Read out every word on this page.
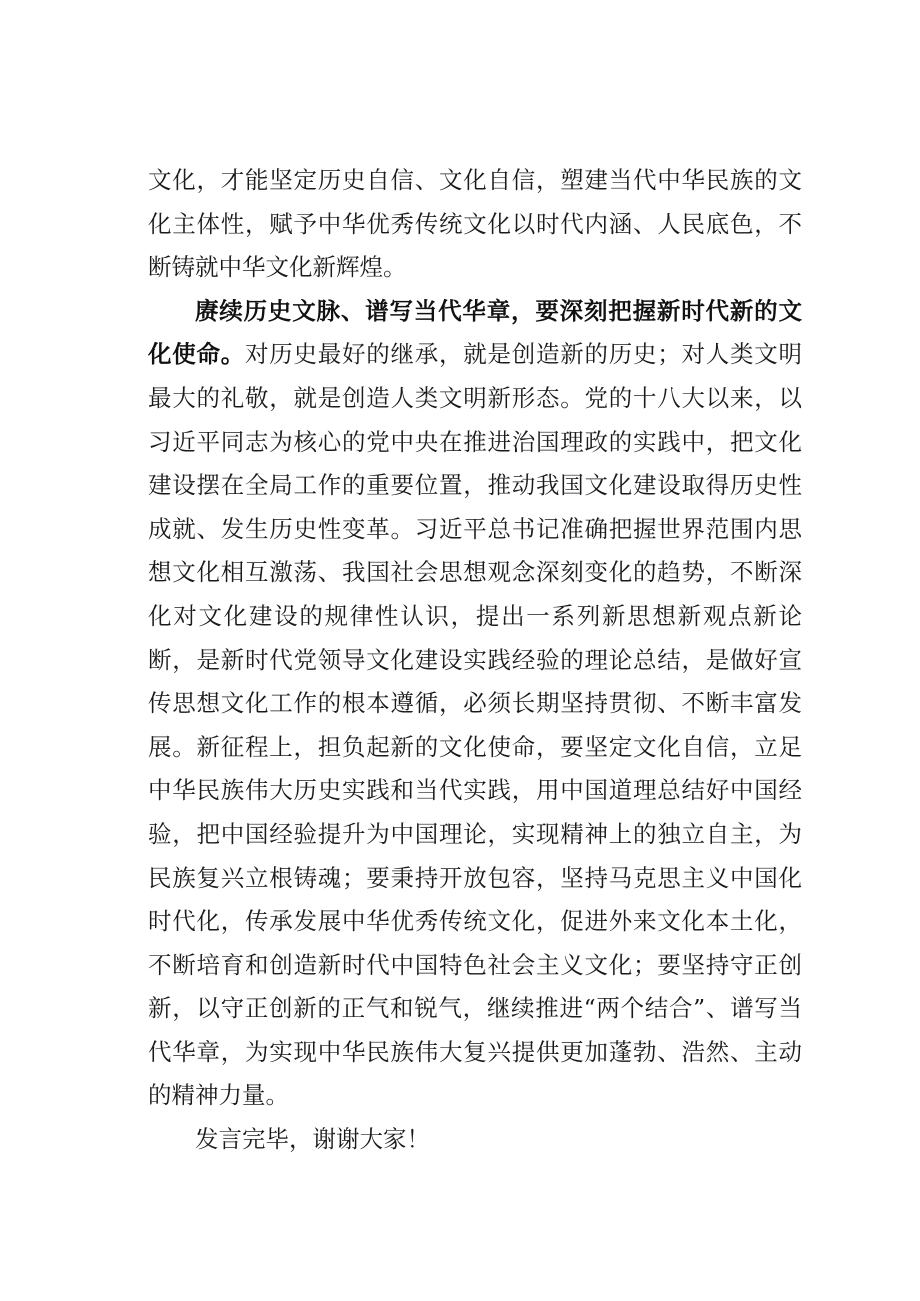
文化，才能坚定历史自信、文化自信，塑建当代中华民族的文化主体性，赋予中华优秀传统文化以时代内涵、人民底色，不断铸就中华文化新辉煌。

赓续历史文脉、谱写当代华章，要深刻把握新时代新的文化使命。对历史最好的继承，就是创造新的历史；对人类文明最大的礼敬，就是创造人类文明新形态。党的十八大以来，以习近平同志为核心的党中央在推进治国理政的实践中，把文化建设摆在全局工作的重要位置，推动我国文化建设取得历史性成就、发生历史性变革。习近平总书记准确把握世界范围内思想文化相互激荡、我国社会思想观念深刻变化的趋势，不断深化对文化建设的规律性认识，提出一系列新思想新观点新论断，是新时代党领导文化建设实践经验的理论总结，是做好宣传思想文化工作的根本遵循，必须长期坚持贯彻、不断丰富发展。新征程上，担负起新的文化使命，要坚定文化自信，立足中华民族伟大历史实践和当代实践，用中国道理总结好中国经验，把中国经验提升为中国理论，实现精神上的独立自主，为民族复兴立根铸魂；要秉持开放包容，坚持马克思主义中国化时代化，传承发展中华优秀传统文化，促进外来文化本土化，不断培育和创造新时代中国特色社会主义文化；要坚持守正创新，以守正创新的正气和锐气，继续推进“两个结合”、谱写当代华章，为实现中华民族伟大复兴提供更加蓬勃、浩然、主动的精神力量。

发言完毕，谢谢大家！
